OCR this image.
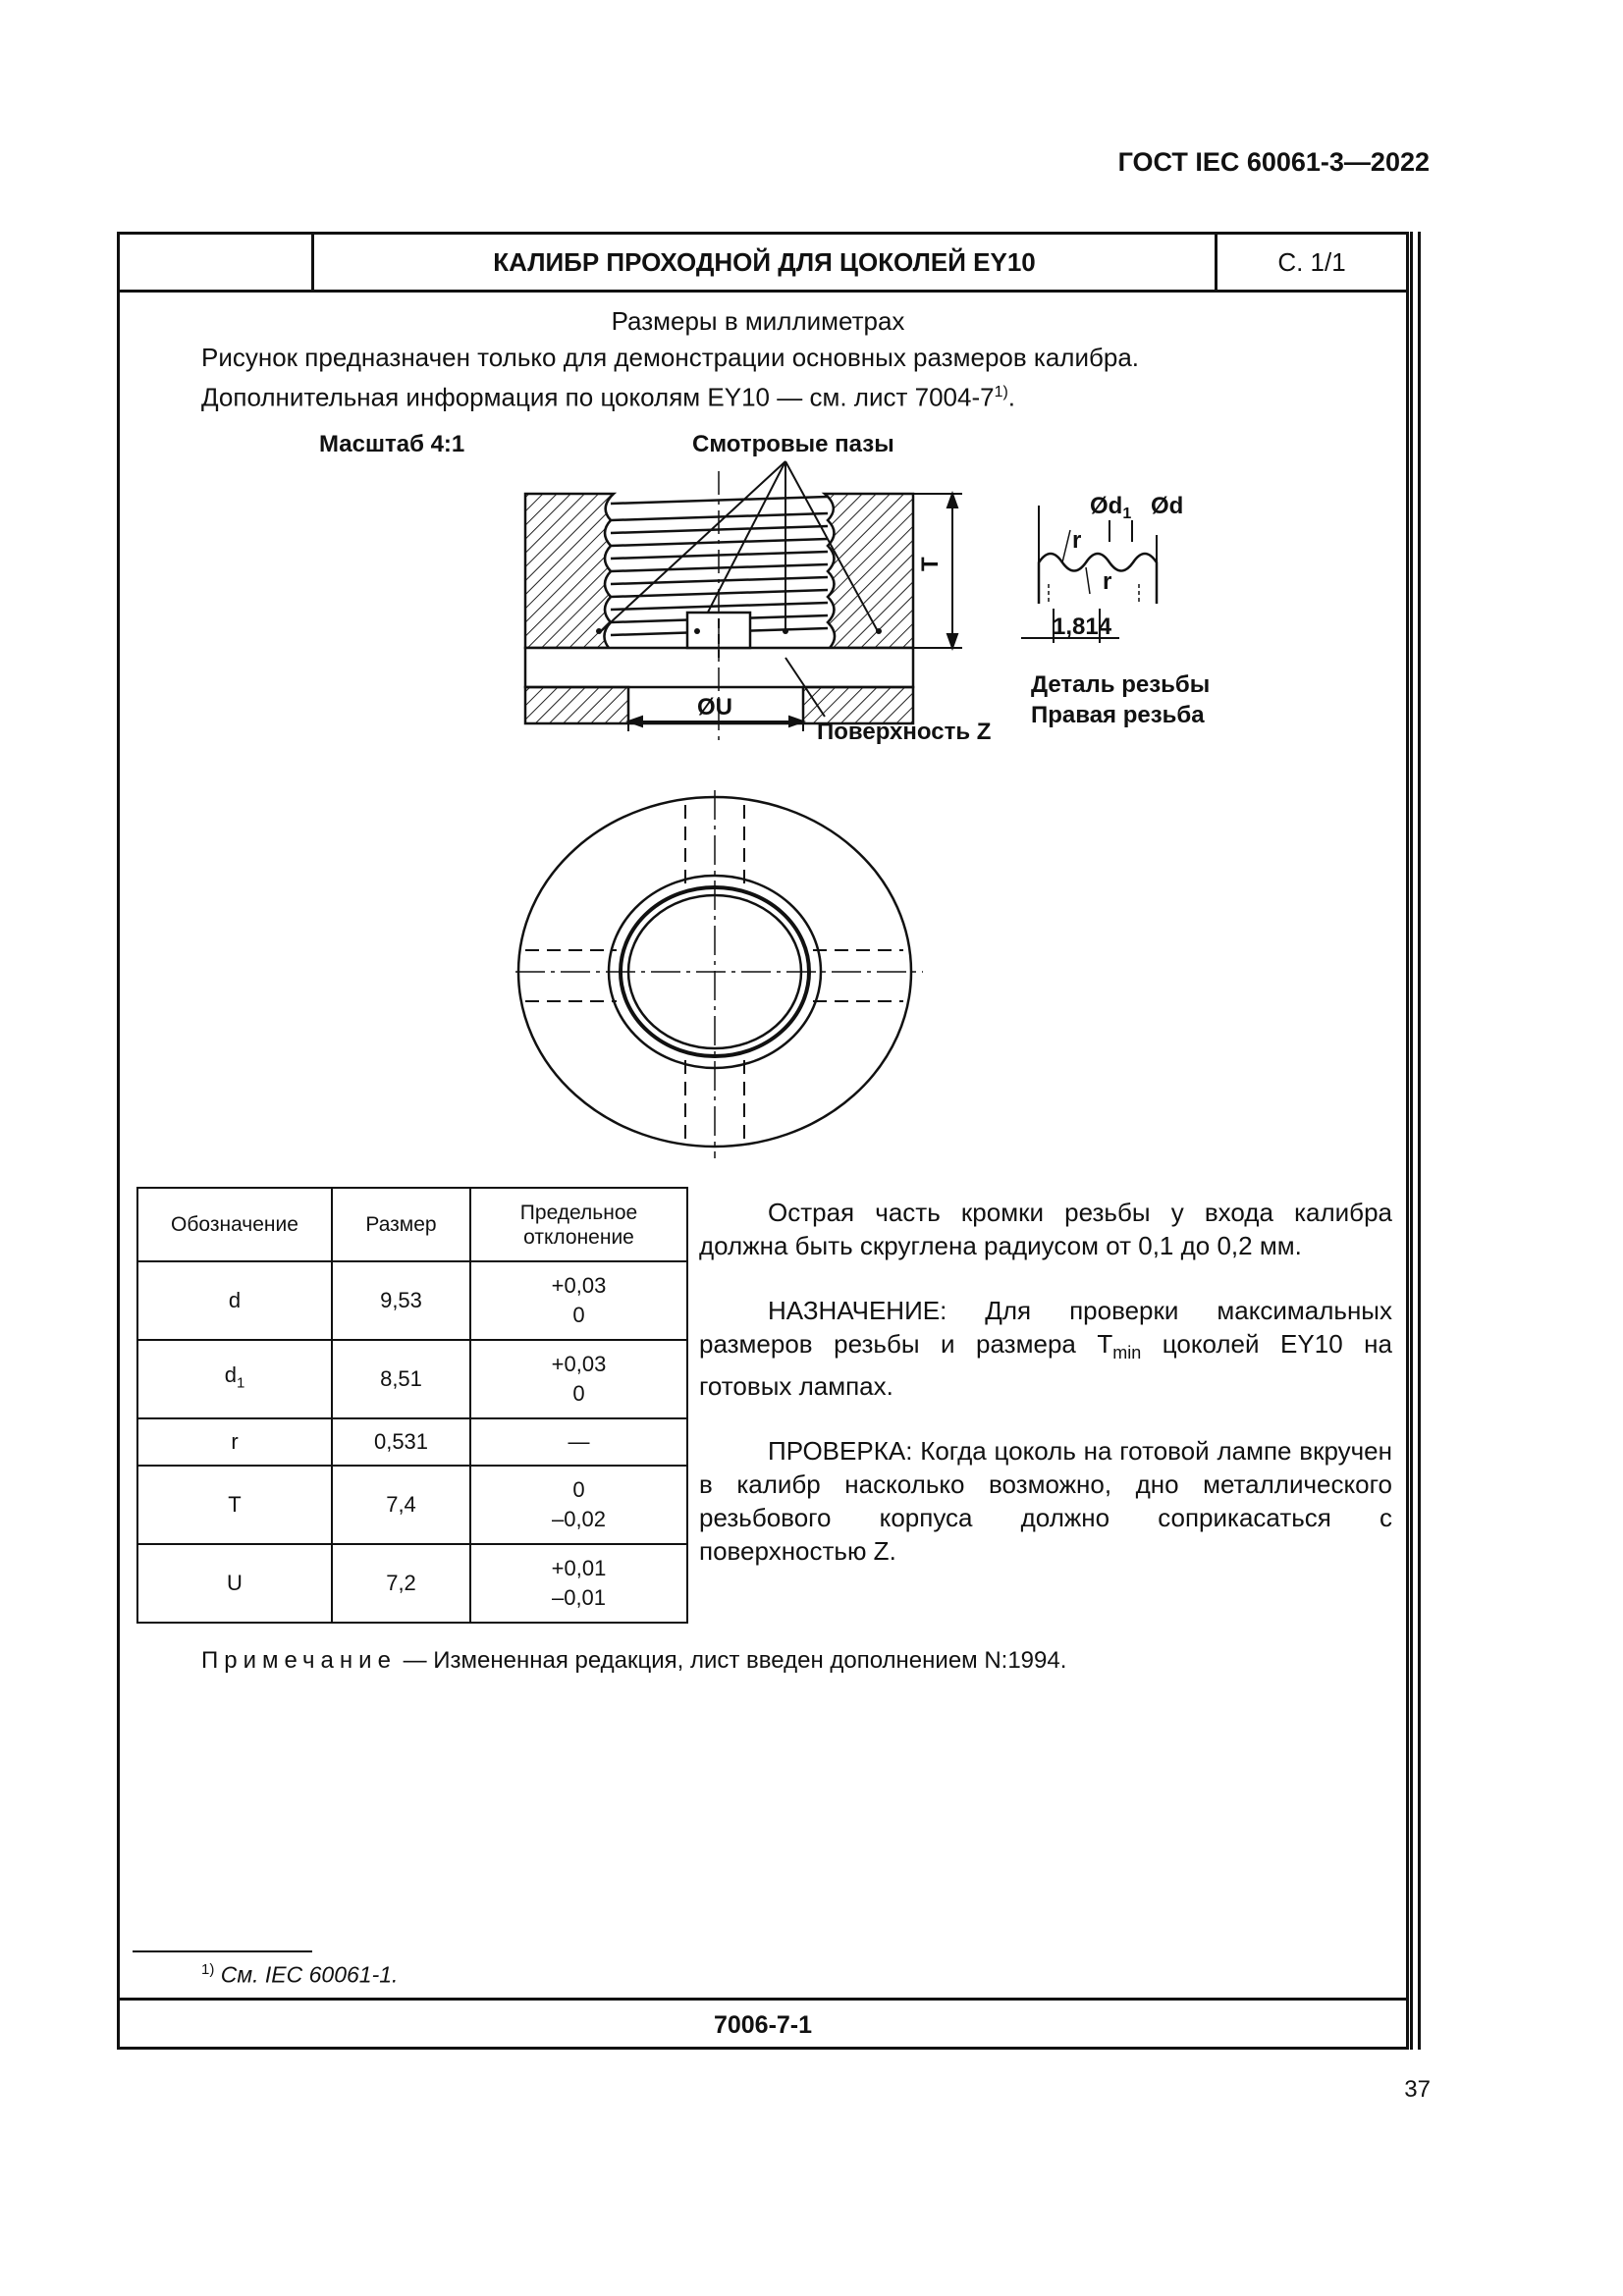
ГОСТ IEC 60061-3—2022
КАЛИБР ПРОХОДНОЙ ДЛЯ ЦОКОЛЕЙ EY10	С. 1/1
Размеры в миллиметрах
Рисунок предназначен только для демонстрации основных размеров калибра.
Дополнительная информация по цоколям EY10 — см. лист 7004-7$^{1)}$.
Масштаб 4:1	Смотровые пазы
T
ØU
Поверхность Z
$Ød_1$ Ød
r
r
1,814
Деталь резьбы
Правая резьба
Обозначение	Размер	Предельное
отклонение
d	9,53	+0,03
0
$d_1$	8,51	+0,03
0
r	0,531	—
T	7,4	0
–0,02
U	7,2	+0,01
–0,01

Острая часть кромки резьбы у входа калибра должна быть скруглена радиусом от 0,1 до 0,2 мм.

НАЗНАЧЕНИЕ: Для проверки максимальных размеров резьбы и размера $T_{min}$ цоколей EY10 на готовых лампах.

ПРОВЕРКА: Когда цоколь на готовой лампе вкручен в калибр насколько возможно, дно металлического резьбового корпуса должно соприкасаться с поверхностью Z.

Примечание — Измененная редакция, лист введен дополнением N:1994.
$^{1)}$ См. IEC 60061-1.
7006-7-1
37
